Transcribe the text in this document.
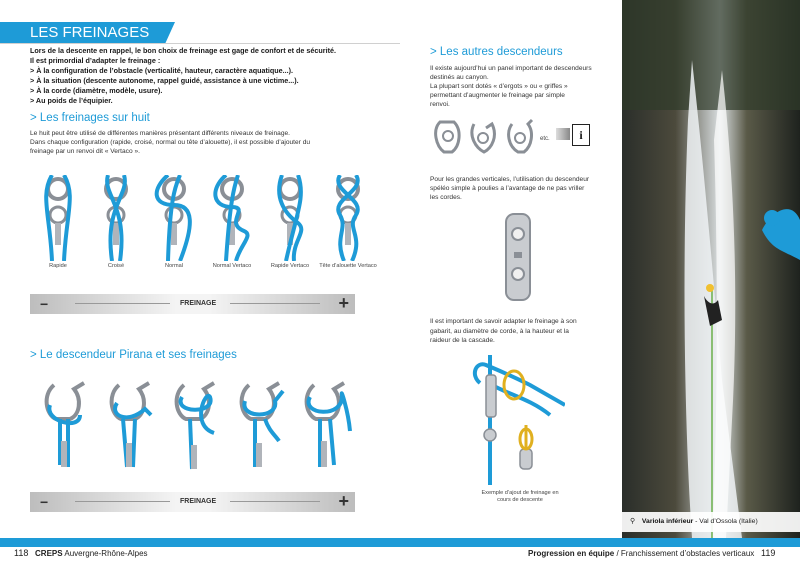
LES FREINAGES
Lors de la descente en rappel, le bon choix de freinage est gage de confort et de sécurité.
Il est primordial d’adapter le freinage :
> À la configuration de l’obstacle (verticalité, hauteur, caractère aquatique...).
> À la situation (descente autonome, rappel guidé, assistance à une victime...).
> À la corde (diamètre, modèle, usure).
> Au poids de l’équipier.
> Les freinages sur huit
Le huit peut être utilisé de différentes manières présentant différents niveaux de freinage.
Dans chaque configuration (rapide, croisé, normal ou tête d’alouette), il est possible d’ajouter du
freinage par un renvoi dit « Vertaco ».
Rapide	Croisé	Normal	Normal Vertaco	Rapide Vertaco	Tête d’alouette Vertaco
−	FREINAGE	+
> Le descendeur Pirana et ses freinages
−	FREINAGE	+
> Les autres descendeurs
Il existe aujourd’hui un panel important de descendeurs
destinés au canyon.
La plupart sont dotés « d’ergots » ou « griffes »
permettant d’augmenter le freinage par simple
renvoi.
etc.	i
Pour les grandes verticales, l’utilisation du descendeur
spéléo simple à poulies a l’avantage de ne pas vriller
les cordes.
Il est important de savoir adapter le freinage à son
gabarit, au diamètre de corde, à la hauteur et la
raideur de la cascade.
Exemple d’ajout de freinage en
cours de descente
⚲ Variola inférieur - Val d’Ossola (Italie)
118 CREPS Auvergne-Rhône-Alpes	Progression en équipe / Franchissement d’obstacles verticaux 119
